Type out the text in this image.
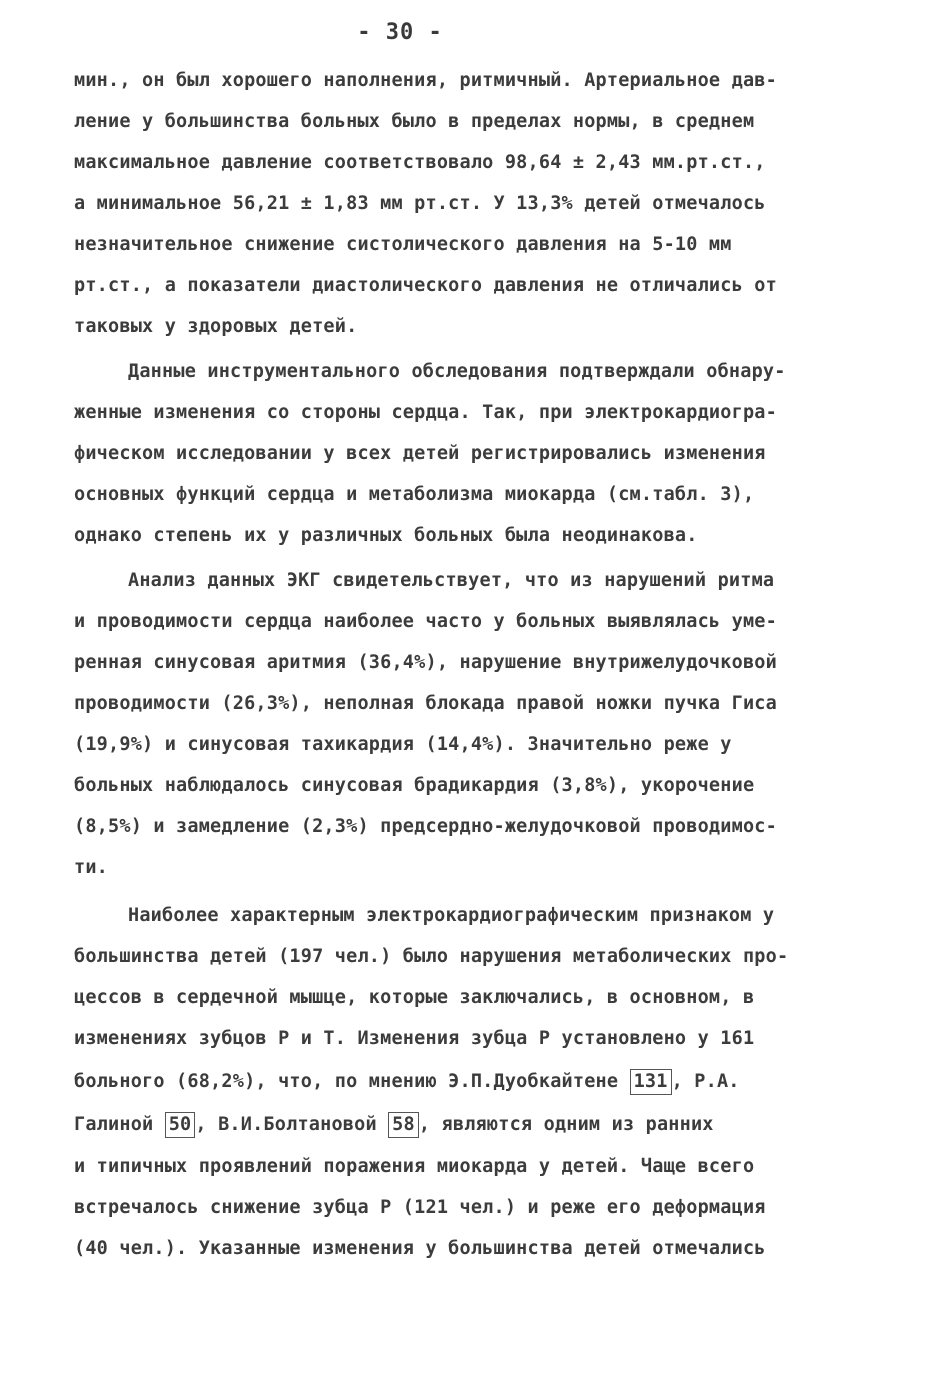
- 30 -
мин., он был хорошего наполнения, ритмичный. Артериальное дав-
ление у большинства больных было в пределах нормы, в среднем
максимальное давление соответствовало 98,64 ± 2,43 мм.рт.ст.,
а минимальное 56,21 ± 1,83 мм рт.ст. У 13,3% детей отмечалось
незначительное снижение систолического давления на 5-10 мм
рт.ст., а показатели диастолического давления не отличались от
таковых у здоровых детей.
Данные инструментального обследования подтверждали обнару-
женные изменения со стороны сердца. Так, при электрокардиогра-
фическом исследовании у всех детей регистрировались изменения
основных функций сердца и метаболизма миокарда (см.табл. 3),
однако степень их у различных больных была неодинакова.
Анализ данных ЭКГ свидетельствует, что из нарушений ритма
и проводимости сердца наиболее часто у больных выявлялась уме-
ренная синусовая аритмия (36,4%), нарушение внутрижелудочковой
проводимости (26,3%), неполная блокада правой ножки пучка Гиса
(19,9%) и синусовая тахикардия (14,4%). Значительно реже у
больных наблюдалось синусовая брадикардия (3,8%), укорочение
(8,5%) и замедление (2,3%) предсердно-желудочковой проводимос-
ти.
Наиболее характерным электрокардиографическим признаком у
большинства детей (197 чел.) было нарушения метаболических про-
цессов в сердечной мышце, которые заключались, в основном, в
изменениях зубцов Р и Т. Изменения зубца Р установлено у 161
больного (68,2%), что, по мнению Э.П.Дуобкайтене 131 , Р.А.
Галиной 50 , В.И.Болтановой 58 , являются одним из ранних
и типичных проявлений поражения миокарда у детей. Чаще всего
встречалось снижение зубца Р (121 чел.) и реже его деформация
(40 чел.). Указанные изменения у большинства детей отмечались
